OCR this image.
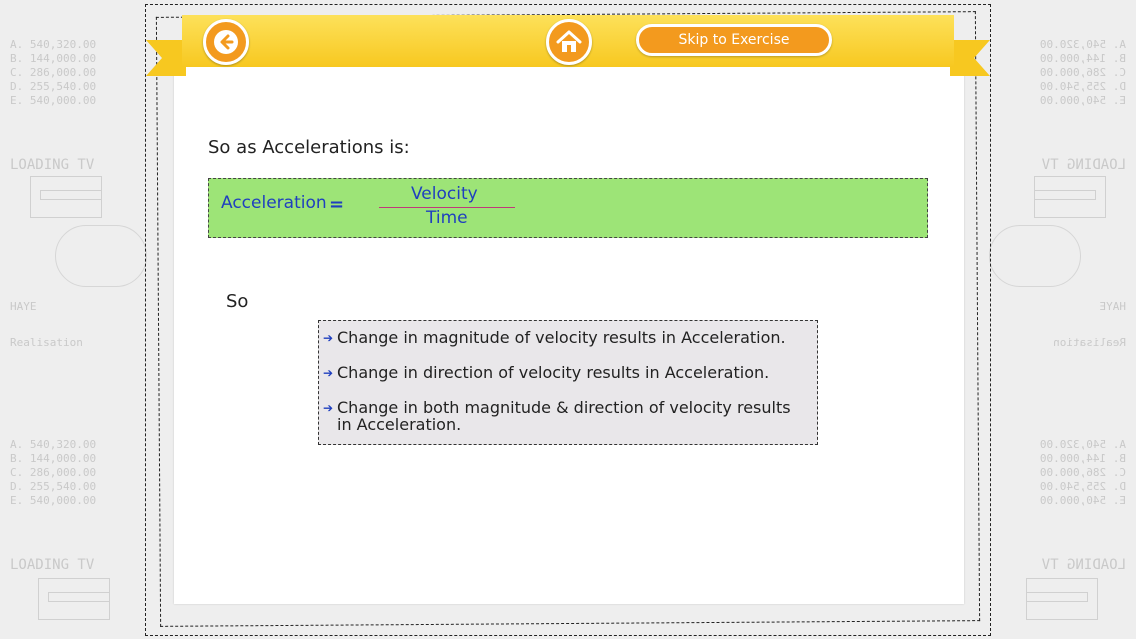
A. 540,320.00
B. 144,000.00
C. 286,000.00
D. 255,540.00
E. 540,000.00
LOADING TV
HAYE
Realisation
A. 540,320.00
B. 144,000.00
C. 286,000.00
D. 255,540.00
E. 540,000.00
LOADING TV
A. 540,320.00
B. 144,000.00
C. 286,000.00
D. 255,540.00
E. 540,000.00
LOADING TV
HAYE
Realisation
A. 540,320.00
B. 144,000.00
C. 286,000.00
D. 255,540.00
E. 540,000.00
LOADING TV
Skip to Exercise
So as Accelerations is:
Acceleration =	Velocity
Time
So
➔ Change in magnitude of velocity results in Acceleration.
➔ Change in direction of velocity results in Acceleration.
➔ Change in both magnitude & direction of velocity results in Acceleration.
